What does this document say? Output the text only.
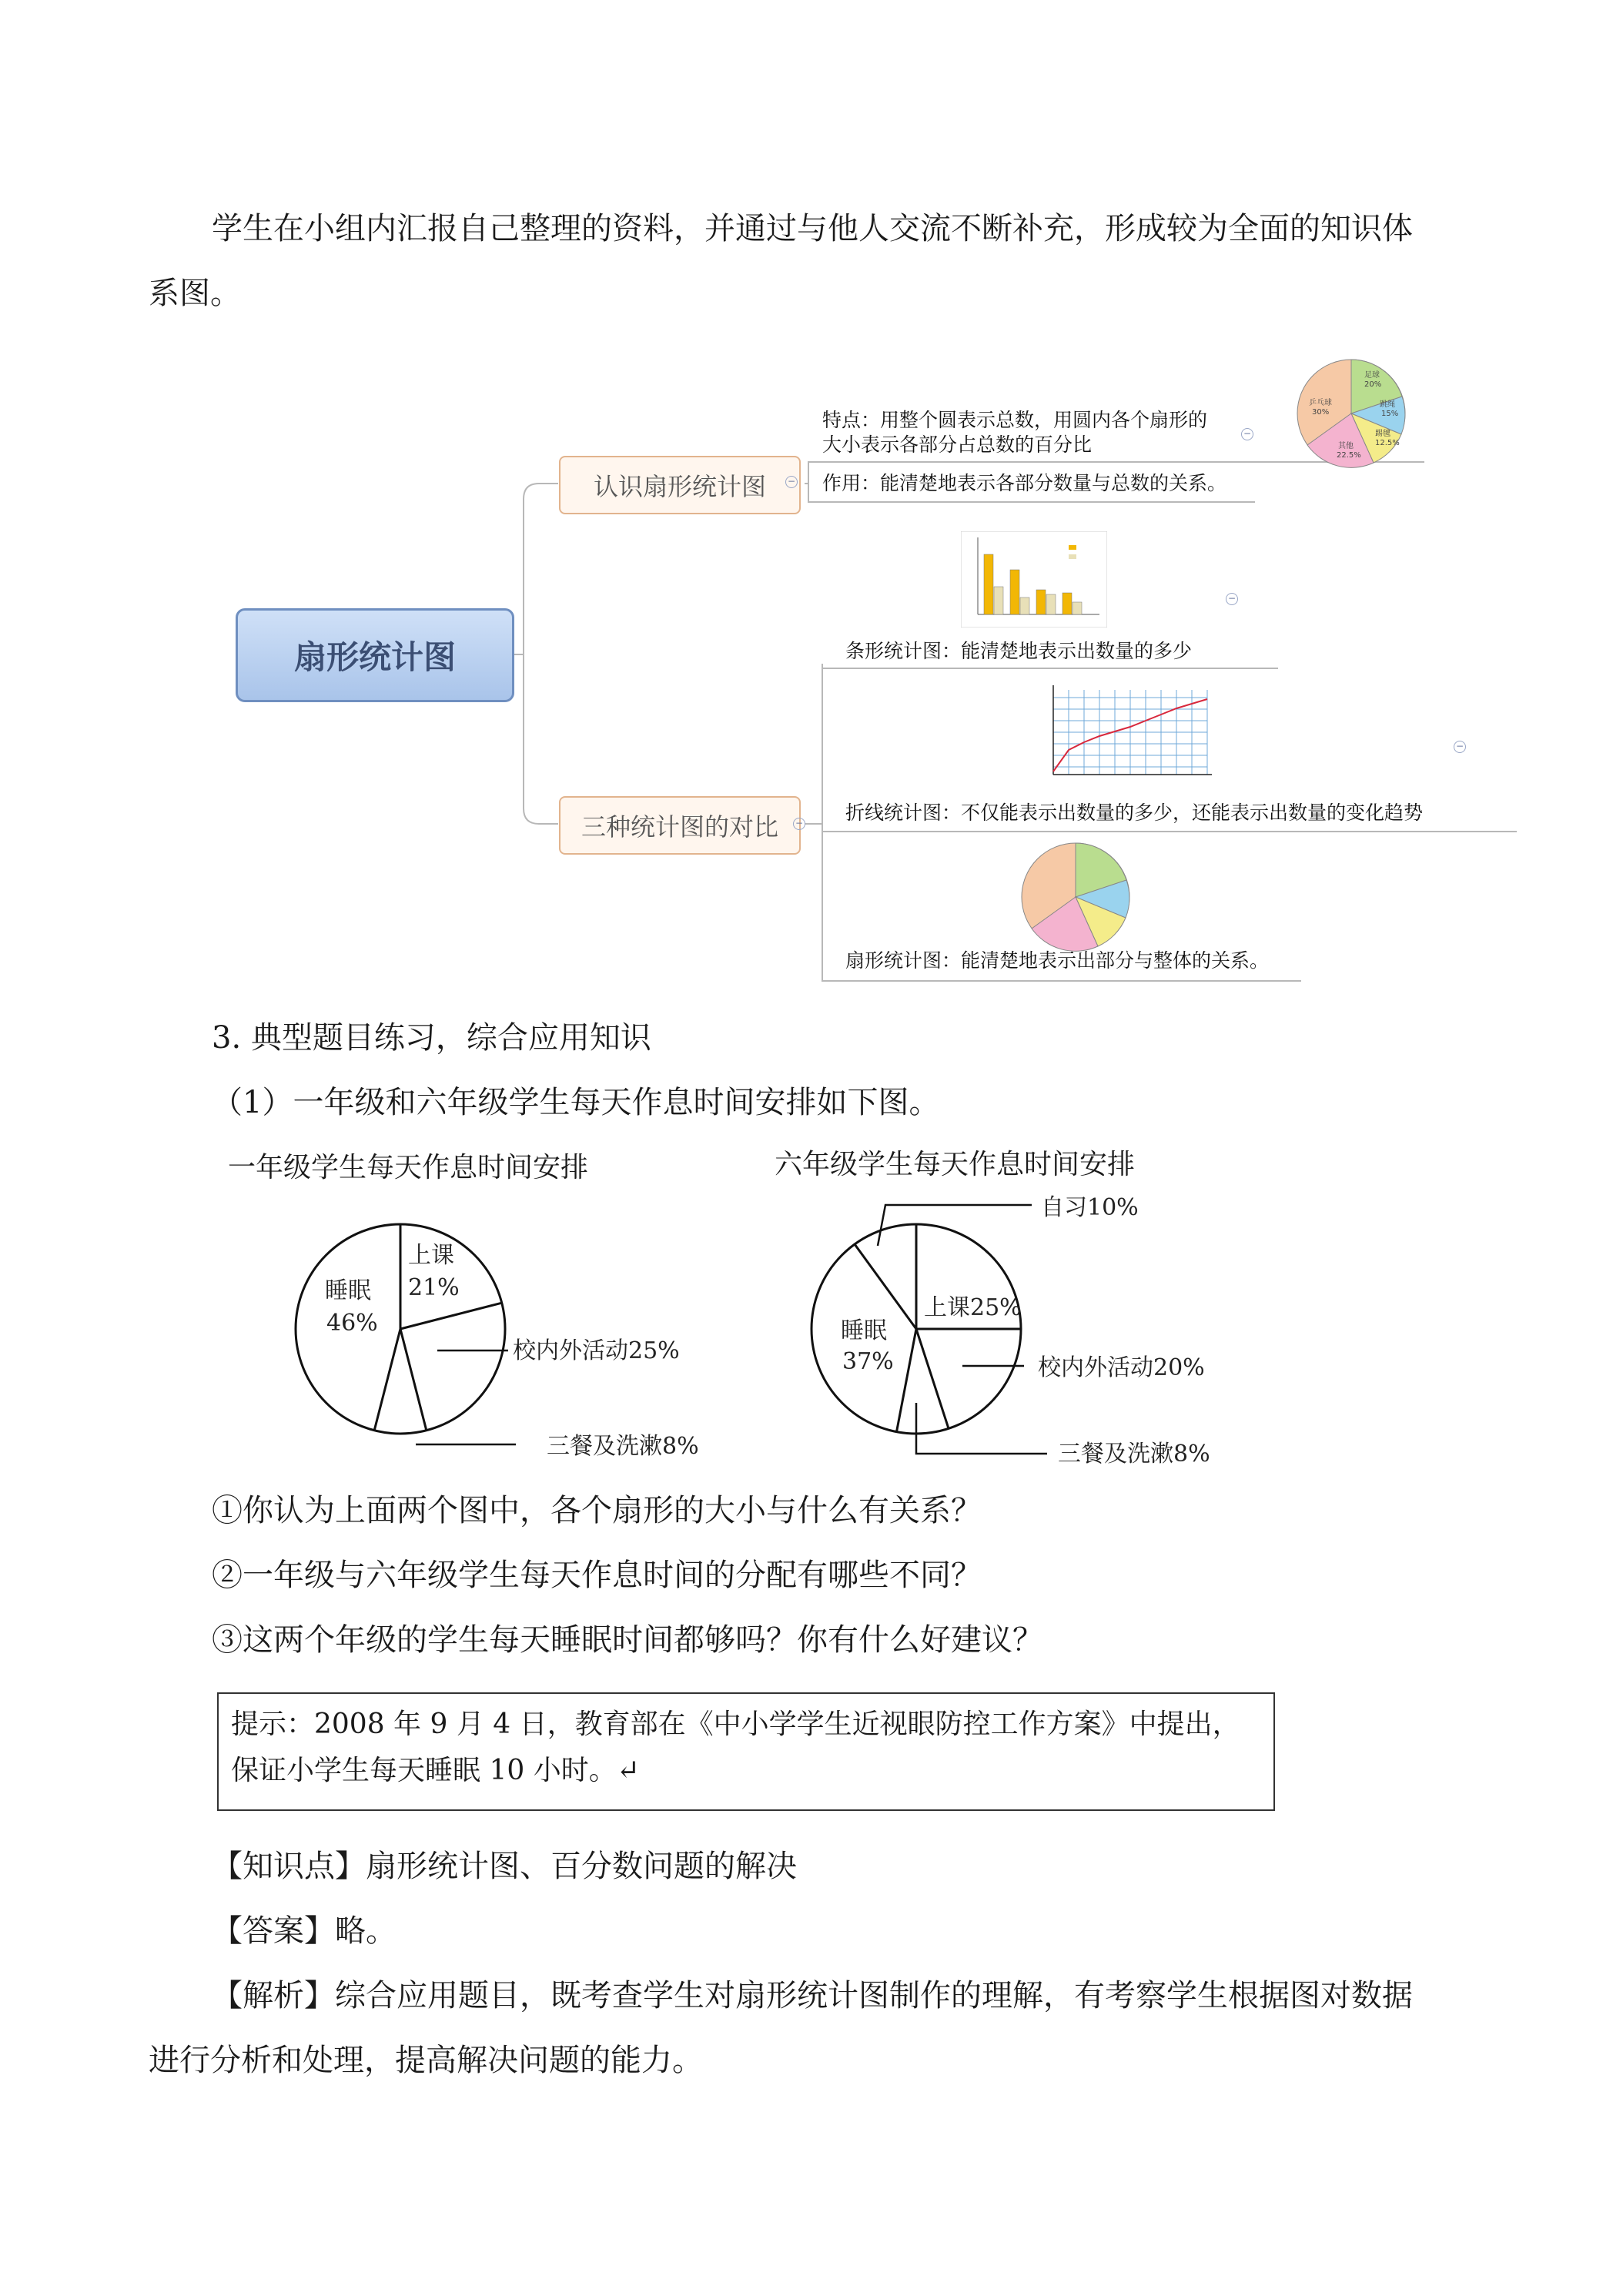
学生在小组内汇报自己整理的资料，并通过与他人交流不断补充，形成较为全面的知识体
系图。
扇形统计图
认识扇形统计图	−
特点：用整个圆表示总数，用圆内各个扇形的
大小表示各部分占总数的百分比	−
作用：能清楚地表示各部分数量与总数的关系。
足球
20%
跳绳
15%
踢毽
12.5%
其他
22.5%
乒乓球
30%
−
条形统计图：能清楚地表示出数量的多少
−
折线统计图：不仅能表示出数量的多少，还能表示出数量的变化趋势
三种统计图的对比	−
扇形统计图：能清楚地表示出部分与整体的关系。
3. 典型题目练习，综合应用知识
（1）一年级和六年级学生每天作息时间安排如下图。
一年级学生每天作息时间安排	六年级学生每天作息时间安排
睡眠
46%
上课
21%
校内外活动25%
三餐及洗漱8%
自习10%
上课25%
睡眠
37%	校内外活动20%
三餐及洗漱8%
①你认为上面两个图中，各个扇形的大小与什么有关系？
②一年级与六年级学生每天作息时间的分配有哪些不同？
③这两个年级的学生每天睡眠时间都够吗？你有什么好建议？
提示：2008 年 9 月 4 日，教育部在《中小学学生近视眼防控工作方案》中提出，
保证小学生每天睡眠 10 小时。↵
【知识点】扇形统计图、百分数问题的解决
【答案】略。
【解析】综合应用题目，既考查学生对扇形统计图制作的理解，有考察学生根据图对数据
进行分析和处理，提高解决问题的能力。
